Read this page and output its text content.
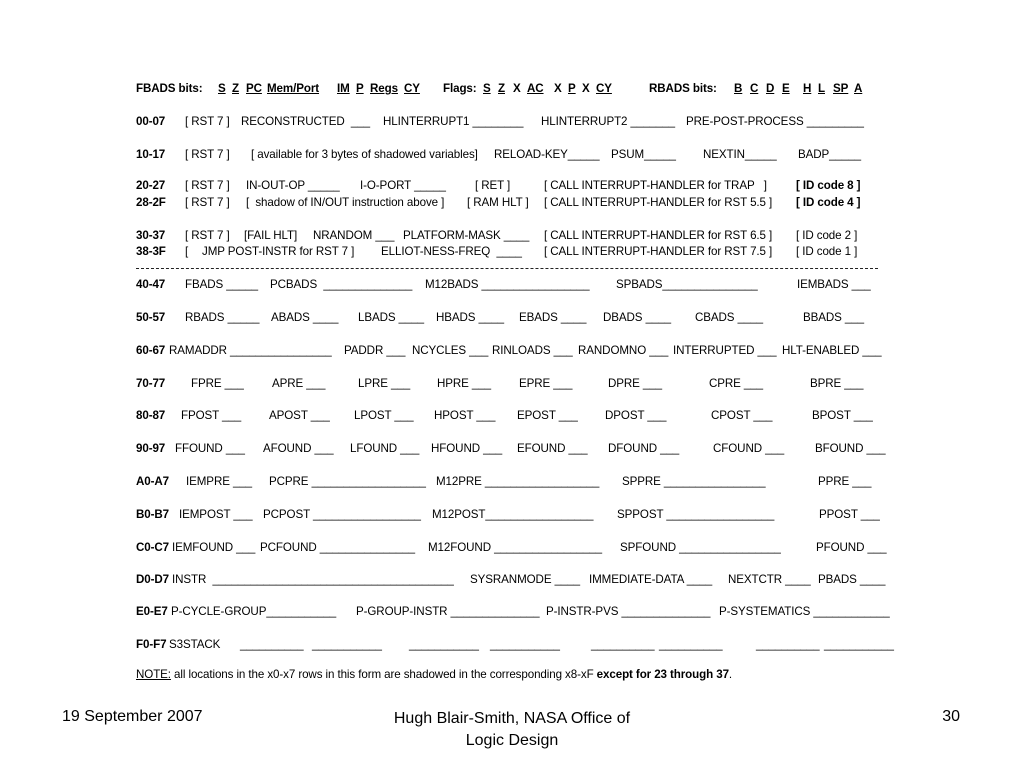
FBADS bits: S Z PC Mem/Port IM P Regs CY Flags: S Z X AC X P X CY	RBADS bits: B C D E H L SP A
00-07 [ RST 7 ] RECONSTRUCTED  ___ HLINTERRUPT1 ________ HLINTERRUPT2 _______ PRE-POST-PROCESS _________
10-17 [ RST 7 ] [ available for 3 bytes of shadowed variables] RELOAD-KEY_____ PSUM_____ NEXTIN_____ BADP_____
20-27 [ RST 7 ] IN-OUT-OP _____ I-O-PORT _____	[ RET ]	[ CALL INTERRUPT-HANDLER for TRAP   ]	[ ID code 8 ]
28-2F [ RST 7 ] [  shadow of IN/OUT instruction above ] [ RAM HLT ] [ CALL INTERRUPT-HANDLER for RST 5.5 ] [ ID code 4 ]
30-37 [ RST 7 ] [FAIL HLT] NRANDOM ___ PLATFORM-MASK ____ [ CALL INTERRUPT-HANDLER for RST 6.5 ] [ ID code 2 ]
38-3F [ JMP POST-INSTR for RST 7 ] ELLIOT-NESS-FREQ  ____ [ CALL INTERRUPT-HANDLER for RST 7.5 ] [ ID code 1 ]
40-47 FBADS _____ PCBADS  ______________ M12BADS _________________ SPBADS_______________	IEMBADS ___
50-57 RBADS _____ ABADS ____ LBADS ____ HBADS ____ EBADS ____ DBADS ____ CBADS ____	BBADS ___
60-67 RAMADDR ________________ PADDR ___ NCYCLES ___ RINLOADS ___ RANDOMNO ___ INTERRUPTED ___ HLT-ENABLED ___
70-77 FPRE ___ APRE ___	LPRE ___ HPRE ___ EPRE ___	DPRE ___	CPRE ___	BPRE ___
80-87 FPOST ___ APOST ___ LPOST ___ HPOST ___ EPOST ___ DPOST ___	CPOST ___	BPOST ___
90-97 FFOUND ___ AFOUND ___ LFOUND ___ HFOUND ___ EFOUND ___ DFOUND ___	CFOUND ___	BFOUND ___
A0-A7 IEMPRE ___ PCPRE __________________ M12PRE __________________ SPPRE ________________	PPRE ___
B0-B7 IEMPOST ___ PCPOST _________________ M12POST_________________ SPPOST _________________	PPOST ___
C0-C7 IEMFOUND ___ PCFOUND _______________ M12FOUND _________________ SPFOUND ________________	PFOUND ___
D0-D7 INSTR  ______________________________________ SYSRANMODE ____ IMMEDIATE-DATA ____ NEXTCTR ____ PBADS ____
E0-E7 P-CYCLE-GROUP___________ P-GROUP-INSTR ______________ P-INSTR-PVS ______________ P-SYSTEMATICS ____________
F0-F7 S3STACK __________ ___________ ___________ ___________	__________ __________	__________ ___________
NOTE: all locations in the x0-x7 rows in this form are shadowed in the corresponding x8-xF except for 23 through 37.
19 September 2007	Hugh Blair-Smith, NASA Office of
Logic Design
30
